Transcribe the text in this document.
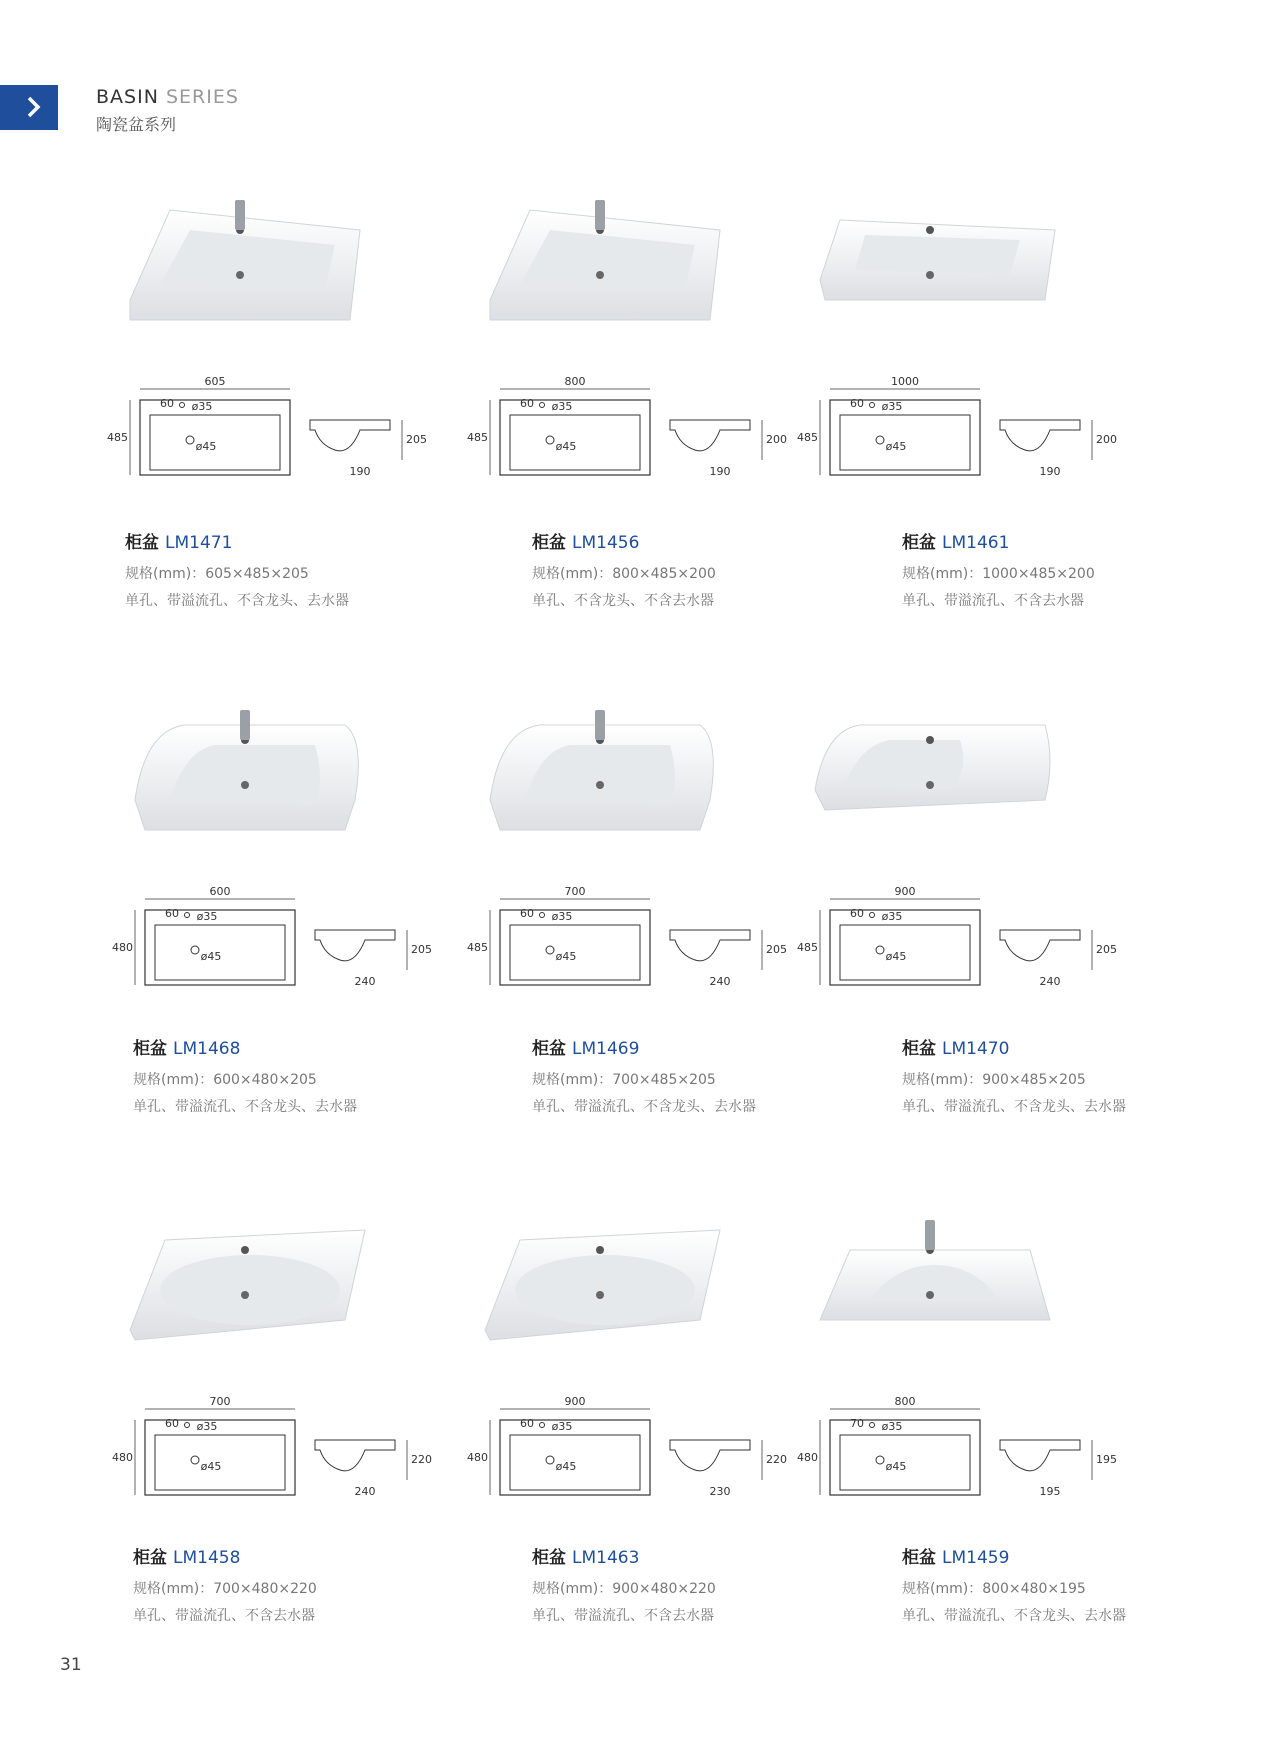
BASIN SERIES
陶瓷盆系列
605
485
60 ø35
ø45
205
190
柜盆 LM1471
规格(mm)：605×485×205
单孔、带溢流孔、不含龙头、去水器
800
485
60 ø35
ø45
200
190
柜盆 LM1456
规格(mm)：800×485×200
单孔、不含龙头、不含去水器
1000
485
60 ø35
ø45
200
190
柜盆 LM1461
规格(mm)：1000×485×200
单孔、带溢流孔、不含去水器
600
480
60 ø35
ø45
205
240
柜盆 LM1468
规格(mm)：600×480×205
单孔、带溢流孔、不含龙头、去水器
700
485
60 ø35
ø45
205
240
柜盆 LM1469
规格(mm)：700×485×205
单孔、带溢流孔、不含龙头、去水器
900
485
60 ø35
ø45
205
240
柜盆 LM1470
规格(mm)：900×485×205
单孔、带溢流孔、不含龙头、去水器
700
480
60 ø35
ø45
220
240
柜盆 LM1458
规格(mm)：700×480×220
单孔、带溢流孔、不含去水器
900
480
60 ø35
ø45
220
230
柜盆 LM1463
规格(mm)：900×480×220
单孔、带溢流孔、不含去水器
800
480
70 ø35
ø45
195
195
柜盆 LM1459
规格(mm)：800×480×195
单孔、带溢流孔、不含龙头、去水器
31
